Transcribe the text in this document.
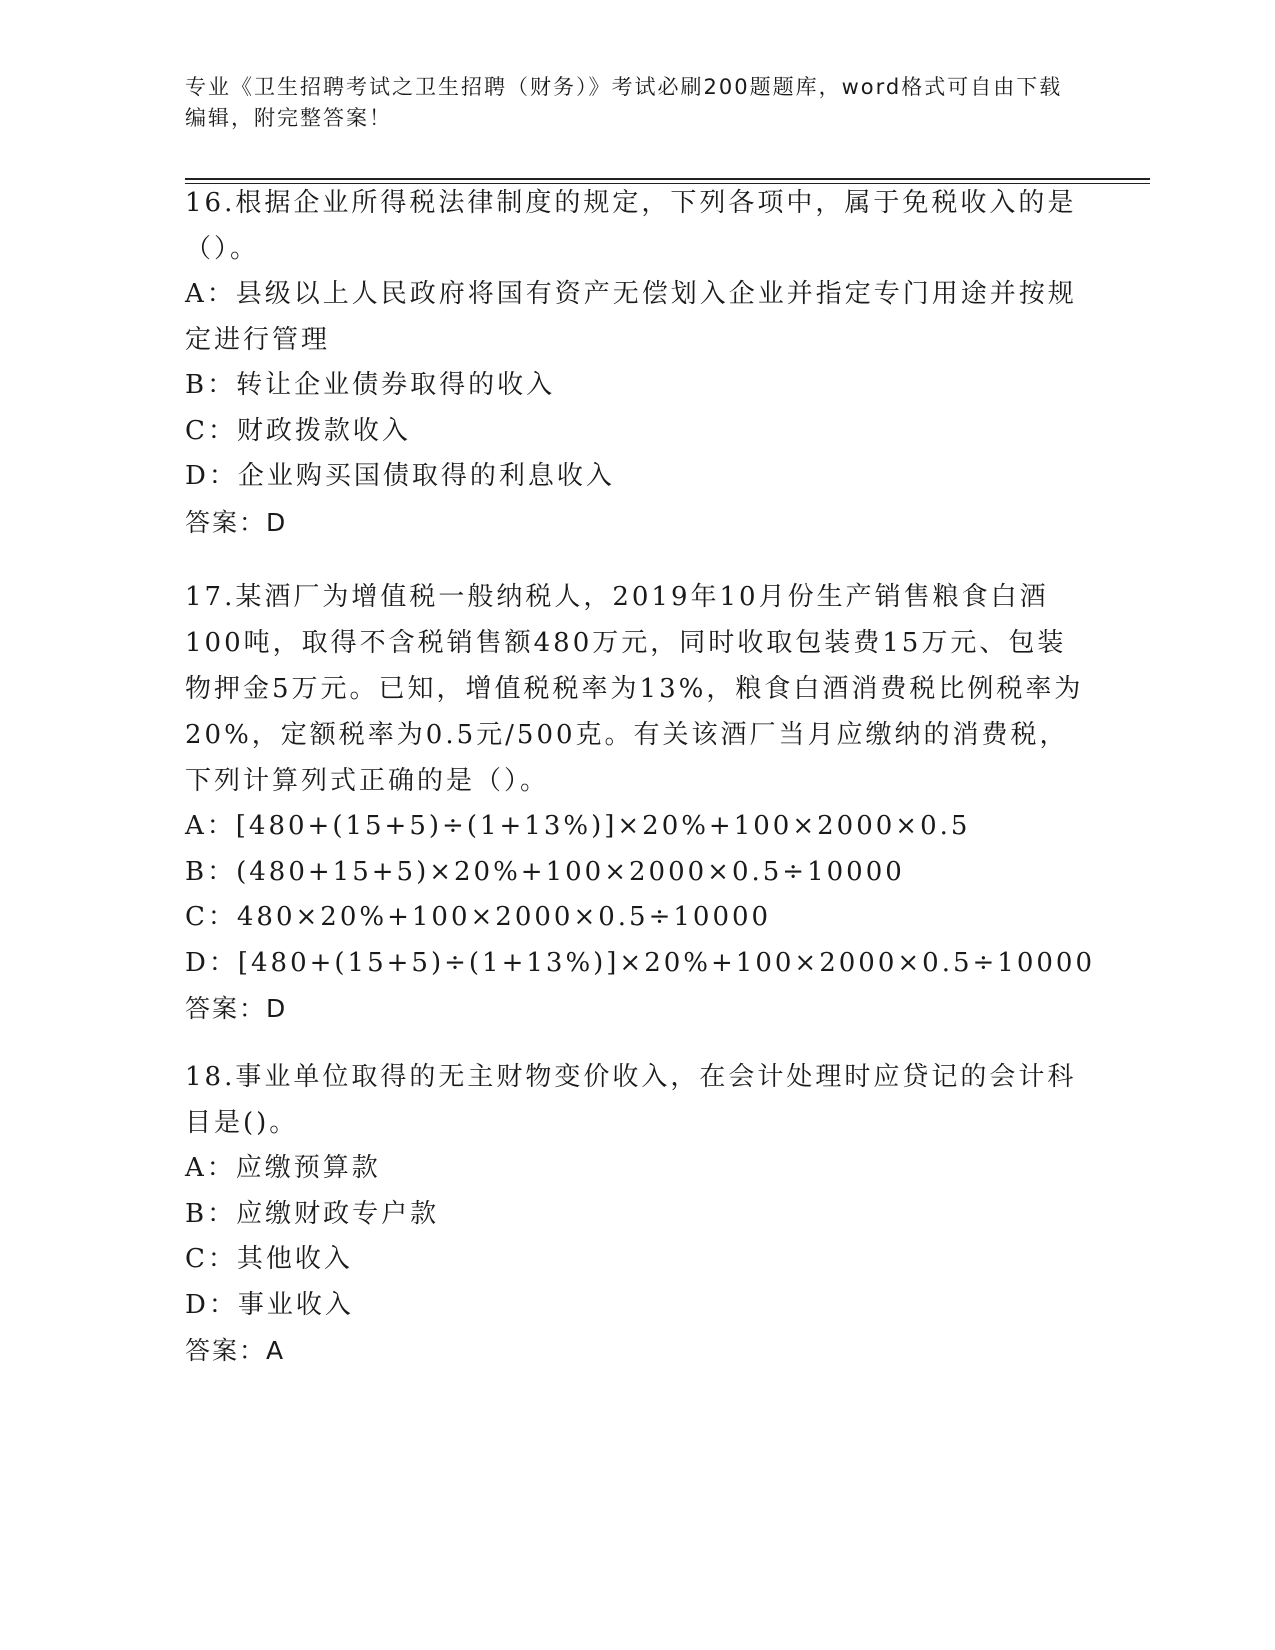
专业《卫生招聘考试之卫生招聘（财务）》考试必刷200题题库，word格式可自由下载编辑，附完整答案！

16.根据企业所得税法律制度的规定，下列各项中，属于免税收入的是（）。

A：县级以上人民政府将国有资产无偿划入企业并指定专门用途并按规定进行管理

B：转让企业债券取得的收入

C：财政拨款收入

D：企业购买国债取得的利息收入

答案：D

17.某酒厂为增值税一般纳税人，2019年10月份生产销售粮食白酒100吨，取得不含税销售额480万元，同时收取包装费15万元、包装物押金5万元。已知，增值税税率为13%，粮食白酒消费税比例税率为20%，定额税率为0.5元/500克。有关该酒厂当月应缴纳的消费税，下列计算列式正确的是（）。

A：[480+(15+5)÷(1+13%)]×20%+100×2000×0.5

B：(480+15+5)×20%+100×2000×0.5÷10000

C：480×20%+100×2000×0.5÷10000

D：[480+(15+5)÷(1+13%)]×20%+100×2000×0.5÷10000

答案：D

18.事业单位取得的无主财物变价收入，在会计处理时应贷记的会计科目是()。

A：应缴预算款

B：应缴财政专户款

C：其他收入

D：事业收入

答案：A
